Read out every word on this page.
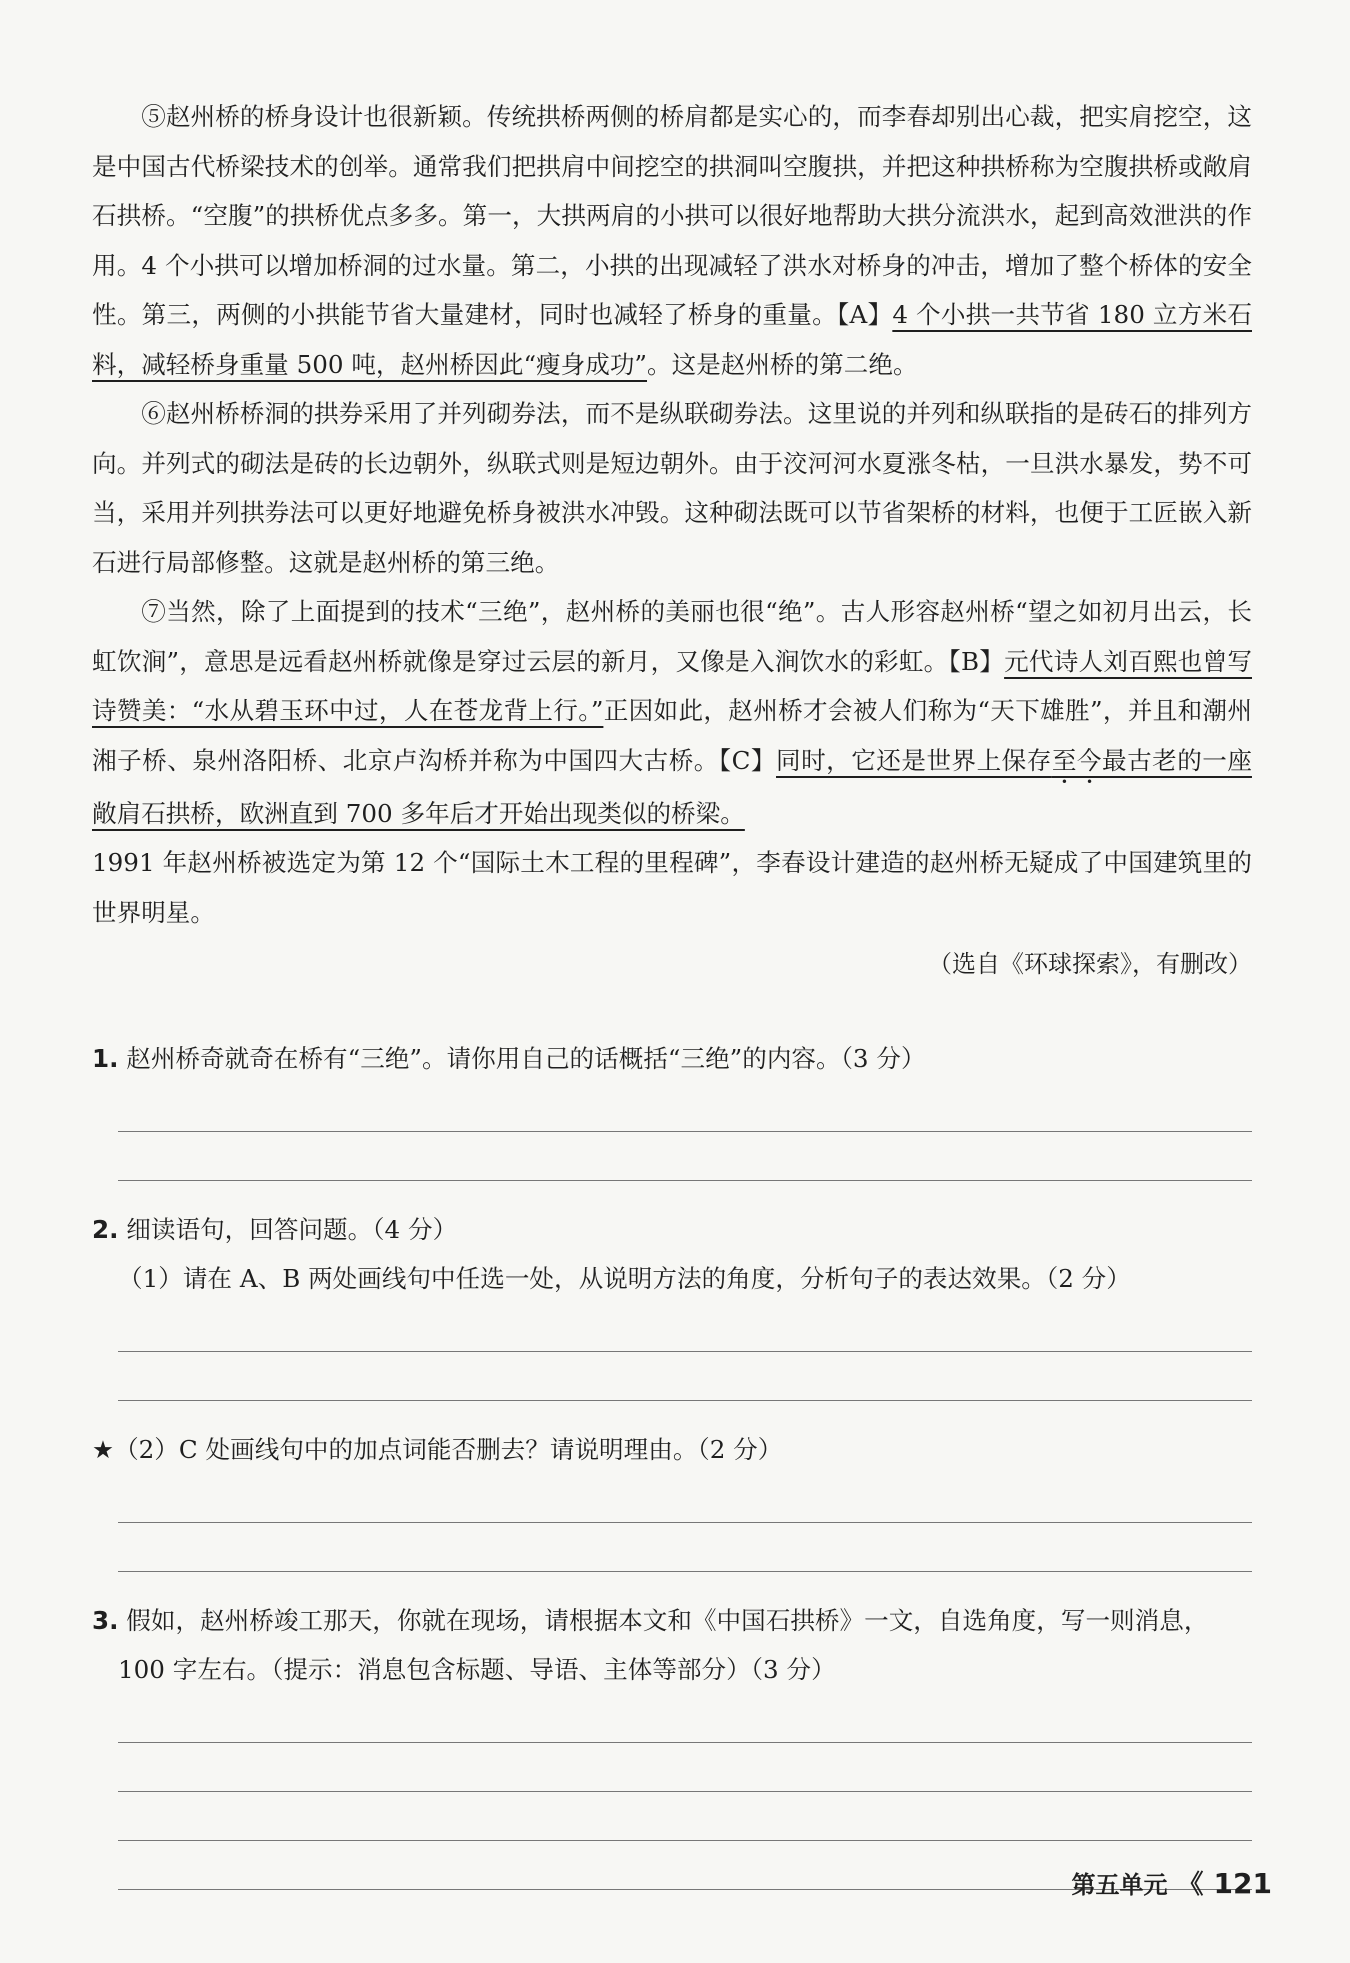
⑤赵州桥的桥身设计也很新颖。传统拱桥两侧的桥肩都是实心的，而李春却别出心裁，把实肩挖空，这是中国古代桥梁技术的创举。通常我们把拱肩中间挖空的拱洞叫空腹拱，并把这种拱桥称为空腹拱桥或敞肩石拱桥。“空腹”的拱桥优点多多。第一，大拱两肩的小拱可以很好地帮助大拱分流洪水，起到高效泄洪的作用。4 个小拱可以增加桥洞的过水量。第二，小拱的出现减轻了洪水对桥身的冲击，增加了整个桥体的安全性。第三，两侧的小拱能节省大量建材，同时也减轻了桥身的重量。【A】4 个小拱一共节省 180 立方米石料，减轻桥身重量 500 吨，赵州桥因此“瘦身成功”。这是赵州桥的第二绝。

⑥赵州桥桥洞的拱券采用了并列砌券法，而不是纵联砌券法。这里说的并列和纵联指的是砖石的排列方向。并列式的砌法是砖的长边朝外，纵联式则是短边朝外。由于洨河河水夏涨冬枯，一旦洪水暴发，势不可当，采用并列拱券法可以更好地避免桥身被洪水冲毁。这种砌法既可以节省架桥的材料，也便于工匠嵌入新石进行局部修整。这就是赵州桥的第三绝。

⑦当然，除了上面提到的技术“三绝”，赵州桥的美丽也很“绝”。古人形容赵州桥“望之如初月出云，长虹饮涧”，意思是远看赵州桥就像是穿过云层的新月，又像是入涧饮水的彩虹。【B】元代诗人刘百熙也曾写诗赞美：“水从碧玉环中过，人在苍龙背上行。”正因如此，赵州桥才会被人们称为“天下雄胜”，并且和潮州湘子桥、泉州洛阳桥、北京卢沟桥并称为中国四大古桥。【C】同时，它还是世界上保存至今最古老的一座敞肩石拱桥，欧洲直到 700 多年后才开始出现类似的桥梁。

1991 年赵州桥被选定为第 12 个“国际土木工程的里程碑”，李春设计建造的赵州桥无疑成了中国建筑里的世界明星。

（选自《环球探索》，有删改）

1. 赵州桥奇就奇在桥有“三绝”。请你用自己的话概括“三绝”的内容。（3 分）

2. 细读语句，回答问题。（4 分）

（1）请在 A、B 两处画线句中任选一处，从说明方法的角度，分析句子的表达效果。（2 分）

★（2）C 处画线句中的加点词能否删去？请说明理由。（2 分）

3. 假如，赵州桥竣工那天，你就在现场，请根据本文和《中国石拱桥》一文，自选角度，写一则消息，100 字左右。（提示：消息包含标题、导语、主体等部分）（3 分）

第五单元 《 121
